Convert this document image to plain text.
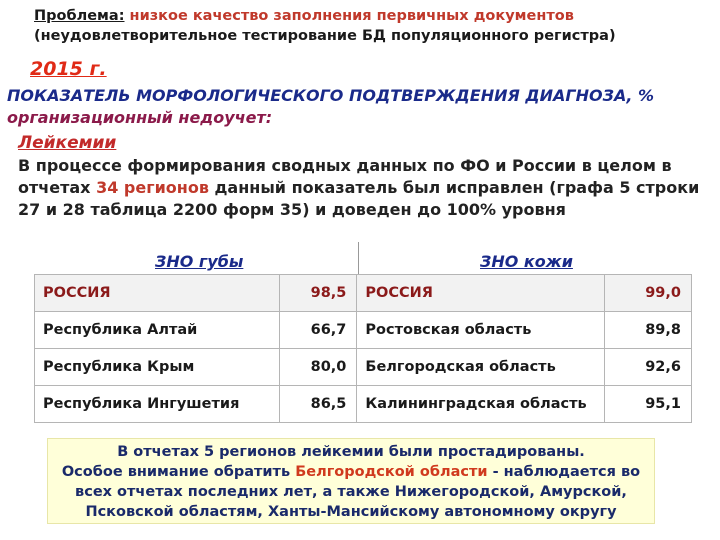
Проблема: низкое качество заполнения первичных документов
(неудовлетворительное тестирование БД популяционного регистра)
2015 г.
ПОКАЗАТЕЛЬ МОРФОЛОГИЧЕСКОГО ПОДТВЕРЖДЕНИЯ ДИАГНОЗА, %
организационный недоучет:
Лейкемии
В процессе формирования сводных данных по ФО и России в целом в отчетах 34 регионов данный показатель был исправлен (графа 5 строки 27 и 28 таблица 2200 форм 35) и доведен до 100% уровня
ЗНО губы	ЗНО кожи
РОССИЯ	98,5	РОССИЯ	99,0
Республика Алтай	66,7	Ростовская область	89,8
Республика Крым	80,0	Белгородская область	92,6
Республика Ингушетия	86,5	Калининградская область	95,1
В отчетах 5 регионов лейкемии были простадированы.
Особое внимание обратить Белгородской области - наблюдается во
всех отчетах последних лет, а также Нижегородской, Амурской,
Псковской областям, Ханты-Мансийскому автономному округу
